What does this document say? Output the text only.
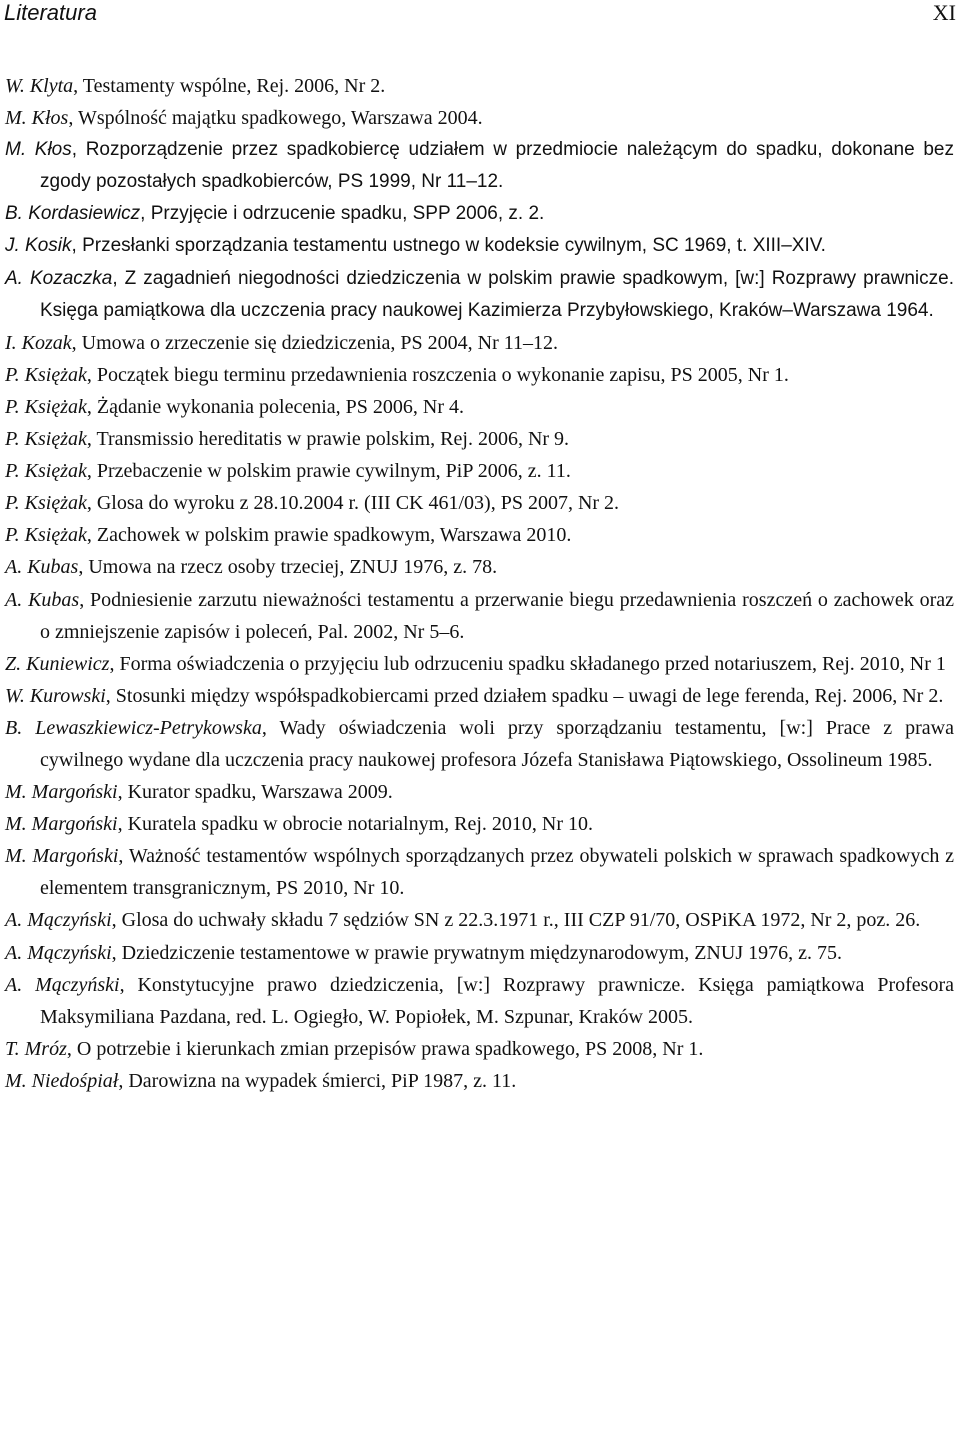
Literatura	XI

W. Klyta, Testamenty wspólne, Rej. 2006, Nr 2.

M. Kłos, Wspólność majątku spadkowego, Warszawa 2004.

M. Kłos, Rozporządzenie przez spadkobiercę udziałem w przedmiocie należącym do spadku, dokonane bez zgody pozostałych spadkobierców, PS 1999, Nr 11–12.

B. Kordasiewicz, Przyjęcie i odrzucenie spadku, SPP 2006, z. 2.

J. Kosik, Przesłanki sporządzania testamentu ustnego w kodeksie cywilnym, SC 1969, t. XIII–XIV.

A. Kozaczka, Z zagadnień niegodności dziedziczenia w polskim prawie spadkowym, [w:] Rozprawy prawnicze. Księga pamiątkowa dla uczczenia pracy naukowej Kazimierza Przybyłowskiego, Kraków–Warszawa 1964.

I. Kozak, Umowa o zrzeczenie się dziedziczenia, PS 2004, Nr 11–12.

P. Księżak, Początek biegu terminu przedawnienia roszczenia o wykonanie zapisu, PS 2005, Nr 1.

P. Księżak, Żądanie wykonania polecenia, PS 2006, Nr 4.

P. Księżak, Transmissio hereditatis w prawie polskim, Rej. 2006, Nr 9.

P. Księżak, Przebaczenie w polskim prawie cywilnym, PiP 2006, z. 11.

P. Księżak, Glosa do wyroku z 28.10.2004 r. (III CK 461/03), PS 2007, Nr 2.

P. Księżak, Zachowek w polskim prawie spadkowym, Warszawa 2010.

A. Kubas, Umowa na rzecz osoby trzeciej, ZNUJ 1976, z. 78.

A. Kubas, Podniesienie zarzutu nieważności testamentu a przerwanie biegu przedawnienia roszczeń o zachowek oraz o zmniejszenie zapisów i poleceń, Pal. 2002, Nr 5–6.

Z. Kuniewicz, Forma oświadczenia o przyjęciu lub odrzuceniu spadku składanego przed notariuszem, Rej. 2010, Nr 1

W. Kurowski, Stosunki między współspadkobiercami przed działem spadku – uwagi de lege ferenda, Rej. 2006, Nr 2.

B. Lewaszkiewicz-Petrykowska, Wady oświadczenia woli przy sporządzaniu testamentu, [w:] Prace z prawa cywilnego wydane dla uczczenia pracy naukowej profesora Józefa Stanisława Piątowskiego, Ossolineum 1985.

M. Margoński, Kurator spadku, Warszawa 2009.

M. Margoński, Kuratela spadku w obrocie notarialnym, Rej. 2010, Nr 10.

M. Margoński, Ważność testamentów wspólnych sporządzanych przez obywateli polskich w sprawach spadkowych z elementem transgranicznym, PS 2010, Nr 10.

A. Mączyński, Glosa do uchwały składu 7 sędziów SN z 22.3.1971 r., III CZP 91/70, OSPiKA 1972, Nr 2, poz. 26.

A. Mączyński, Dziedziczenie testamentowe w prawie prywatnym międzynarodowym, ZNUJ 1976, z. 75.

A. Mączyński, Konstytucyjne prawo dziedziczenia, [w:] Rozprawy prawnicze. Księga pamiątkowa Profesora Maksymiliana Pazdana, red. L. Ogiegło, W. Popiołek, M. Szpunar, Kraków 2005.

T. Mróz, O potrzebie i kierunkach zmian przepisów prawa spadkowego, PS 2008, Nr 1.

M. Niedośpiał, Darowizna na wypadek śmierci, PiP 1987, z. 11.
